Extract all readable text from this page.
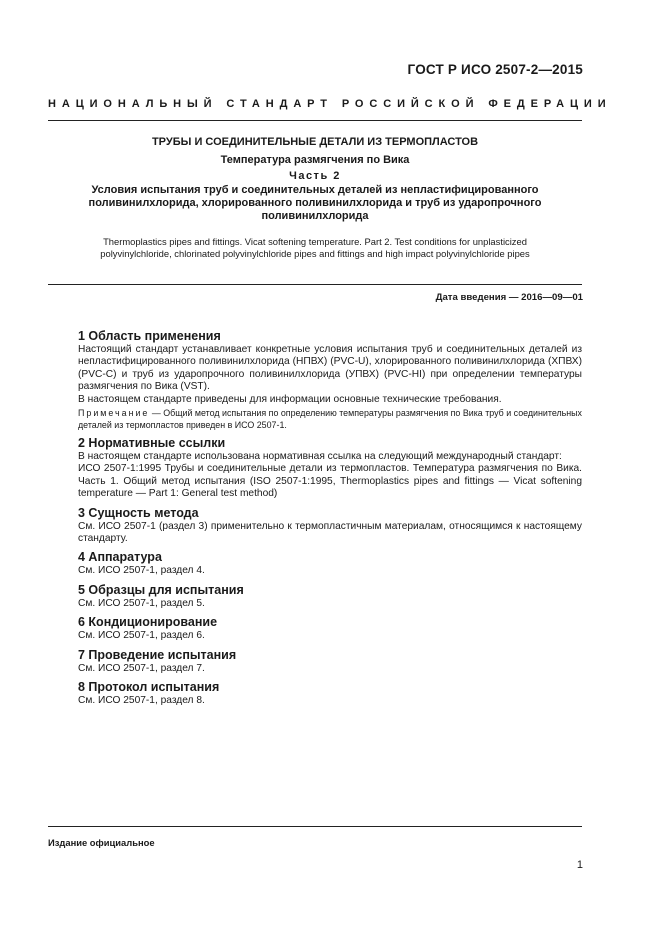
ГОСТ Р ИСО 2507-2—2015
НАЦИОНАЛЬНЫЙ СТАНДАРТ РОССИЙСКОЙ ФЕДЕРАЦИИ
ТРУБЫ И СОЕДИНИТЕЛЬНЫЕ ДЕТАЛИ ИЗ ТЕРМОПЛАСТОВ
Температура размягчения по Вика
Часть 2
Условия испытания труб и соединительных деталей из непластифицированного поливинилхлорида, хлорированного поливинилхлорида и труб из ударопрочного поливинилхлорида
Thermoplastics pipes and fittings. Vicat softening temperature. Part 2. Test conditions for unplasticized polyvinylchloride, chlorinated polyvinylchloride pipes and fittings and high impact polyvinylchloride pipes
Дата введения — 2016—09—01
1 Область применения

Настоящий стандарт устанавливает конкретные условия испытания труб и соединительных деталей из непластифицированного поливинилхлорида (НПВХ) (PVC-U), хлорированного поливинилхлорида (ХПВХ) (PVC-C) и труб из ударопрочного поливинилхлорида (УПВХ) (PVC-HI) при определении температуры размягчения по Вика (VST).

В настоящем стандарте приведены для информации основные технические требования.

Примечание — Общий метод испытания по определению температуры размягчения по Вика труб и соединительных деталей из термопластов приведен в ИСО 2507-1.

2 Нормативные ссылки

В настоящем стандарте использована нормативная ссылка на следующий международный стандарт:

ИСО 2507-1:1995 Трубы и соединительные детали из термопластов. Температура размягчения по Вика. Часть 1. Общий метод испытания (ISO 2507-1:1995, Thermoplastics pipes and fittings — Vicat softening temperature — Part 1: General test method)

3 Сущность метода

См. ИСО 2507-1 (раздел 3) применительно к термопластичным материалам, относящимся к настоящему стандарту.

4 Аппаратура

См. ИСО 2507-1, раздел 4.

5 Образцы для испытания

См. ИСО 2507-1, раздел 5.

6 Кондиционирование

См. ИСО 2507-1, раздел 6.

7 Проведение испытания

См. ИСО 2507-1, раздел 7.

8 Протокол испытания

См. ИСО 2507-1, раздел 8.

Издание официальное
1
